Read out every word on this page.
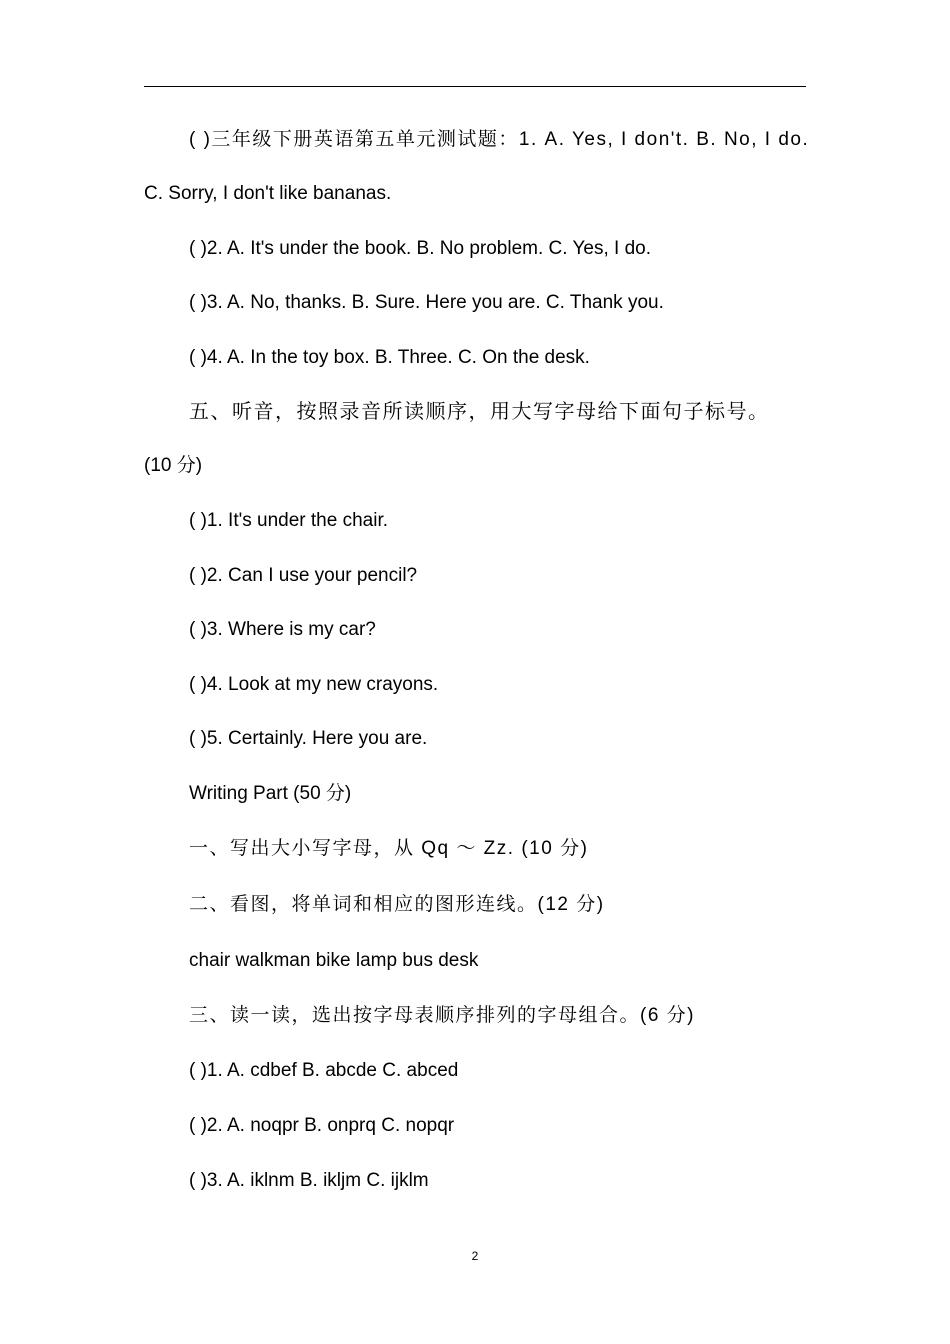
( )三年级下册英语第五单元测试题：1. A. Yes, I don't. B. No, I do.
C. Sorry, I don't like bananas.
( )2. A. It's under the book. B. No problem. C. Yes, I do.
( )3. A. No, thanks. B. Sure. Here you are. C. Thank you.
( )4. A. In the toy box. B. Three. C. On the desk.
五、听音，按照录音所读顺序，用大写字母给下面句子标号。
(10 分)
( )1. It's under the chair.
( )2. Can I use your pencil?
( )3. Where is my car?
( )4. Look at my new crayons.
( )5. Certainly. Here you are.
Writing Part (50 分)
一、写出大小写字母，从 Qq ～ Zz. (10 分)
二、看图，将单词和相应的图形连线。(12 分)
chair walkman bike lamp bus desk
三、读一读，选出按字母表顺序排列的字母组合。(6 分)
( )1. A. cdbef B. abcde C. abced
( )2. A. noqpr B. onprq C. nopqr
( )3. A. iklnm B. ikljm C. ijklm
2
